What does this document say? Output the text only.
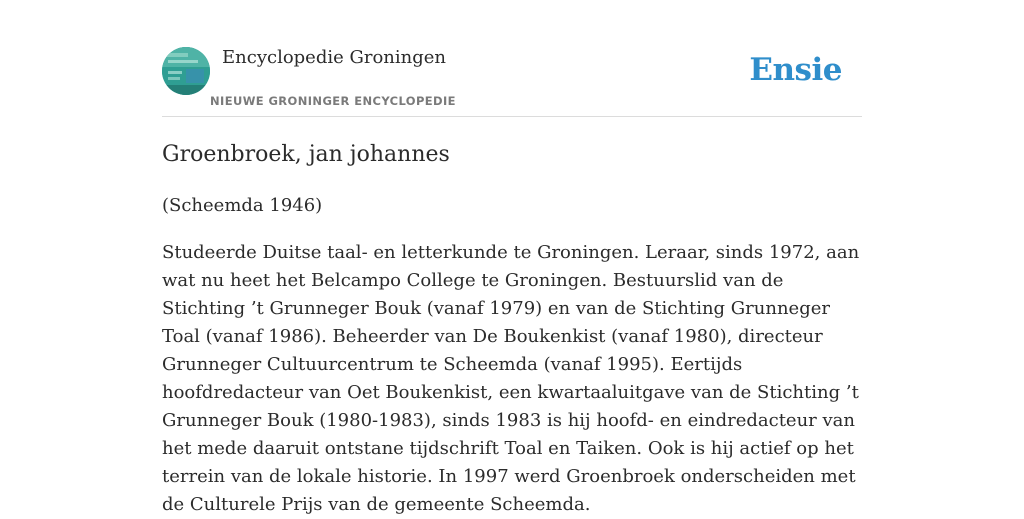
Encyclopedie Groningen
NIEUWE GRONINGER ENCYCLOPEDIE
Ensie
Groenbroek, jan johannes

(Scheemda 1946)

Studeerde Duitse taal- en letterkunde te Groningen. Leraar, sinds 1972, aan wat nu heet het Belcampo College te Groningen. Bestuurslid van de Stichting ’t Grunneger Bouk (vanaf 1979) en van de Stichting Grunneger Toal (vanaf 1986). Beheerder van De Boukenkist (vanaf 1980), directeur Grunneger Cultuurcentrum te Scheemda (vanaf 1995). Eertijds hoofdredacteur van Oet Boukenkist, een kwartaaluitgave van de Stichting ’t Grunneger Bouk (1980-1983), sinds 1983 is hij hoofd- en eindredacteur van het mede daaruit ontstane tijdschrift Toal en Taiken. Ook is hij actief op het terrein van de lokale historie. In 1997 werd Groenbroek onderscheiden met de Culturele Prijs van de gemeente Scheemda.
